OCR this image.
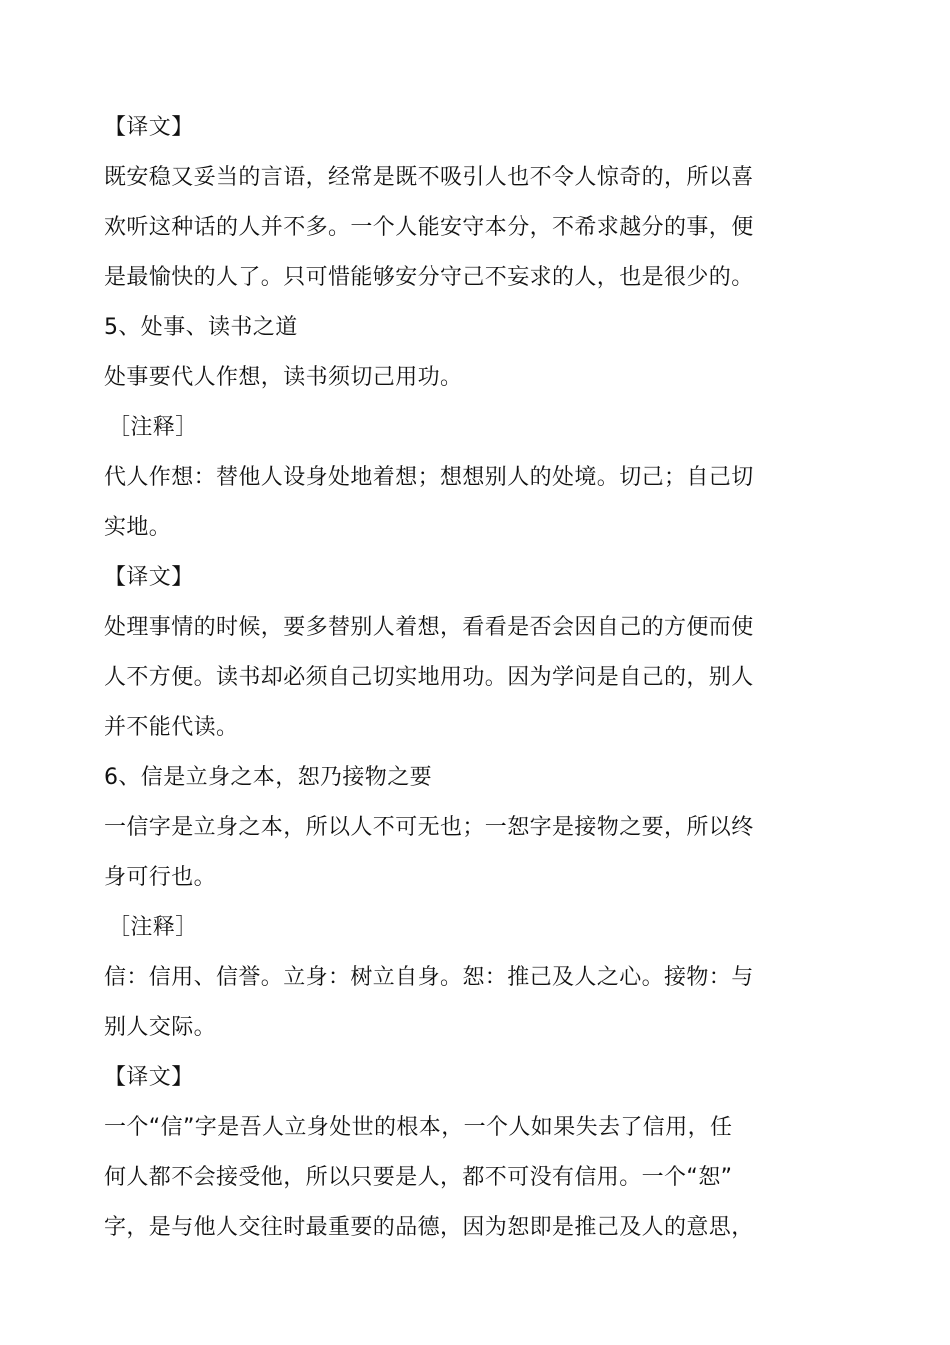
【译文】
既安稳又妥当的言语，经常是既不吸引人也不令人惊奇的，所以喜
欢听这种话的人并不多。一个人能安守本分，不希求越分的事，便
是最愉快的人了。只可惜能够安分守己不妄求的人，也是很少的。
5、处事、读书之道
处事要代人作想，读书须切己用功。
［注释］
代人作想：替他人设身处地着想；想想别人的处境。切己；自己切
实地。
【译文】
处理事情的时候，要多替别人着想，看看是否会因自己的方便而使
人不方便。读书却必须自己切实地用功。因为学问是自己的，别人
并不能代读。
6、信是立身之本，恕乃接物之要
一信字是立身之本，所以人不可无也；一恕字是接物之要，所以终
身可行也。
［注释］
信：信用、信誉。立身：树立自身。恕：推己及人之心。接物：与
别人交际。
【译文】
一个“信”字是吾人立身处世的根本，一个人如果失去了信用，任
何人都不会接受他，所以只要是人，都不可没有信用。一个“恕”
字，是与他人交往时最重要的品德，因为恕即是推己及人的意思，
